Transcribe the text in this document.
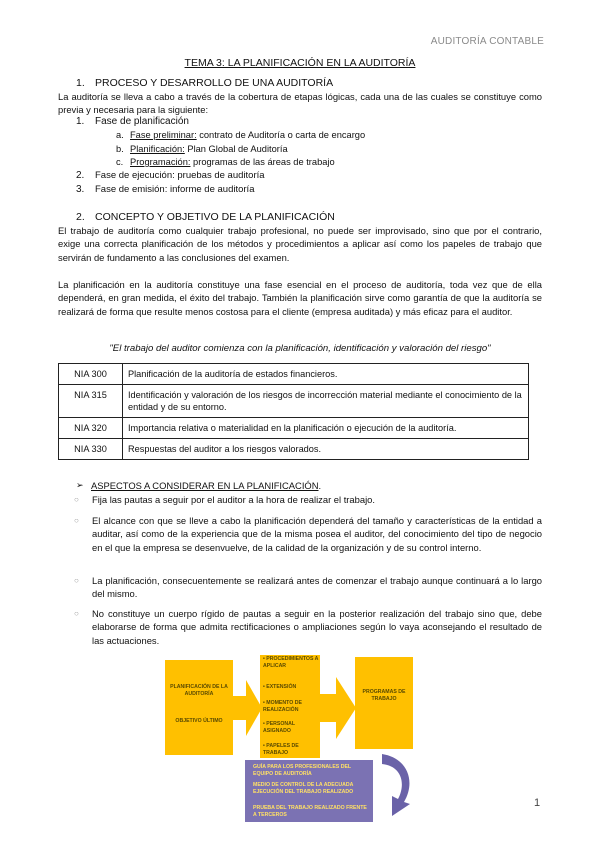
AUDITORÍA CONTABLE
TEMA 3: LA PLANIFICACIÓN EN LA AUDITORÍA
1. PROCESO Y DESARROLLO DE UNA AUDITORÍA
La auditoría se lleva a cabo a través de la cobertura de etapas lógicas, cada una de las cuales se constituye como previa y necesaria para la siguiente:
1. Fase de planificación
a. Fase preliminar: contrato de Auditoría o carta de encargo
b. Planificación: Plan Global de Auditoría
c. Programación: programas de las áreas de trabajo
2. Fase de ejecución: pruebas de auditoría
3. Fase de emisión: informe de auditoría
2. CONCEPTO Y OBJETIVO DE LA PLANIFICACIÓN
El trabajo de auditoría como cualquier trabajo profesional, no puede ser improvisado, sino que por el contrario, exige una correcta planificación de los métodos y procedimientos a aplicar así como los papeles de trabajo que servirán de fundamento a las conclusiones del examen.
La planificación en la auditoría constituye una fase esencial en el proceso de auditoría, toda vez que de ella dependerá, en gran medida, el éxito del trabajo. También la planificación sirve como garantía de que la auditoría se realizará de forma que resulte menos costosa para el cliente (empresa auditada) y más eficaz para el auditor.
"El trabajo del auditor comienza con la planificación, identificación y valoración del riesgo"
NIA 300	Planificación de la auditoría de estados financieros.
NIA 315	Identificación y valoración de los riesgos de incorrección material mediante el conocimiento de la entidad y de su entorno.
NIA 320	Importancia relativa o materialidad en la planificación o ejecución de la auditoría.
NIA 330	Respuestas del auditor a los riesgos valorados.
➢ ASPECTOS A CONSIDERAR EN LA PLANIFICACIÓN.
○ Fija las pautas a seguir por el auditor a la hora de realizar el trabajo.
○ El alcance con que se lleve a cabo la planificación dependerá del tamaño y características de la entidad a auditar, así como de la experiencia que de la misma posea el auditor, del conocimiento del tipo de negocio en el que la empresa se desenvuelve, de la calidad de la organización y de su control interno.
○ La planificación, consecuentemente se realizará antes de comenzar el trabajo aunque continuará a lo largo del mismo.
○ No constituye un cuerpo rígido de pautas a seguir en la posterior realización del trabajo sino que, debe elaborarse de forma que admita rectificaciones o ampliaciones según lo vaya aconsejando el resultado de las actuaciones.
PLANIFICACIÓN DE LA AUDITORÍA
OBJETIVO ÚLTIMO
• PROCEDIMIENTOS A APLICAR
• EXTENSIÓN
• MOMENTO DE REALIZACIÓN
• PERSONAL ASIGNADO
• PAPELES DE TRABAJO
PROGRAMAS DE TRABAJO
GUÍA PARA LOS PROFESIONALES DEL EQUIPO DE AUDITORÍA
MEDIO DE CONTROL DE LA ADECUADA EJECUCIÓN DEL TRABAJO REALIZADO
PRUEBA DEL TRABAJO REALIZADO FRENTE A TERCEROS
1
